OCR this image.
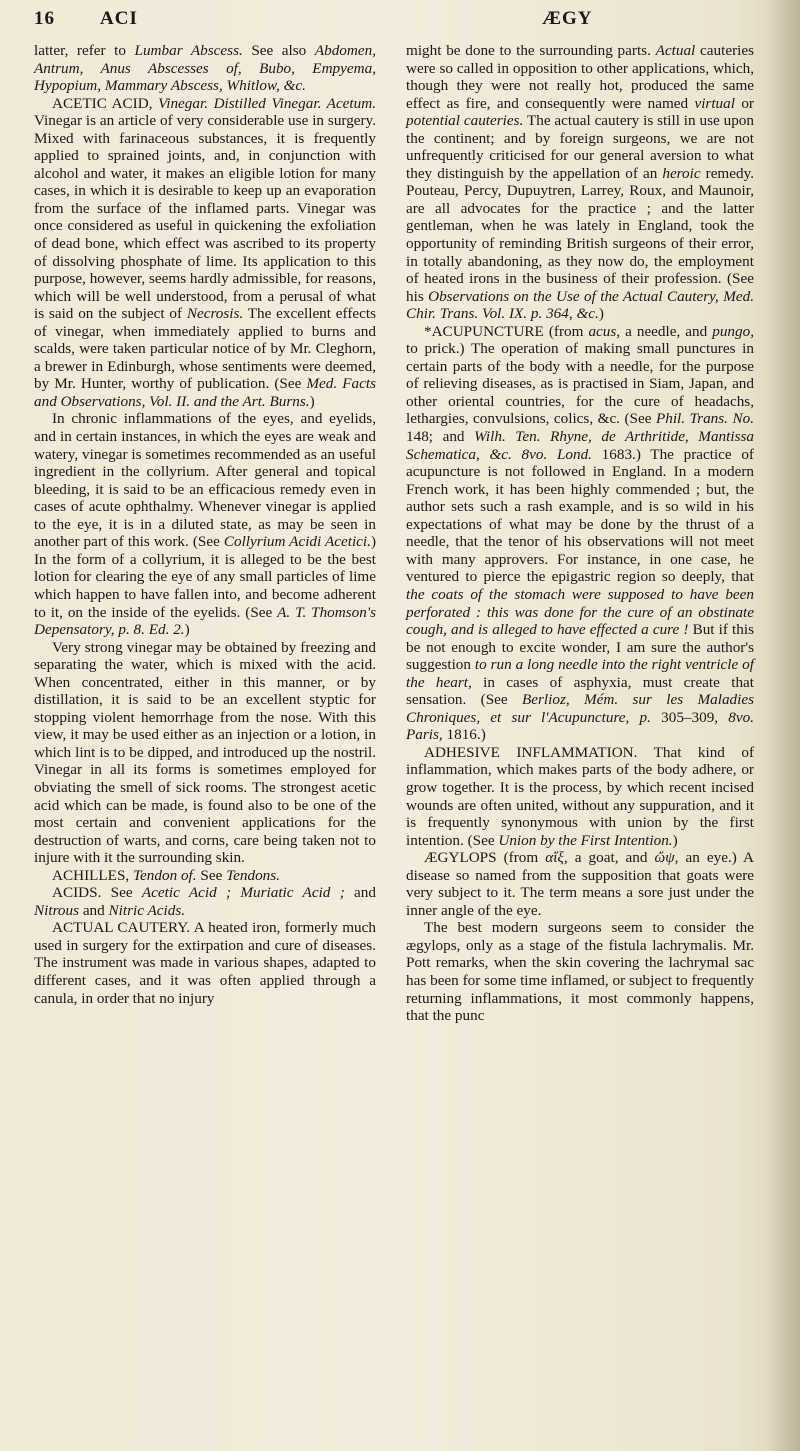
16 ACI	ÆGY

latter, refer to Lumbar Abscess. See also Abdomen, Antrum, Anus Abscesses of, Bubo, Empyema, Hypopium, Mammary Abscess, Whitlow, &c.

ACETIC ACID, Vinegar. Distilled Vinegar. Acetum. Vinegar is an article of very considerable use in surgery. Mixed with farinaceous substances, it is frequently applied to sprained joints, and, in conjunction with alcohol and water, it makes an eligible lotion for many cases, in which it is desirable to keep up an evaporation from the surface of the inflamed parts. Vinegar was once considered as useful in quickening the exfoliation of dead bone, which effect was ascribed to its property of dissolving phosphate of lime. Its application to this purpose, however, seems hardly admissible, for reasons, which will be well understood, from a perusal of what is said on the subject of Necrosis. The excellent effects of vinegar, when immediately applied to burns and scalds, were taken particular notice of by Mr. Cleghorn, a brewer in Edinburgh, whose sentiments were deemed, by Mr. Hunter, worthy of publication. (See Med. Facts and Observations, Vol. II. and the Art. Burns.)

In chronic inflammations of the eyes, and eyelids, and in certain instances, in which the eyes are weak and watery, vinegar is sometimes recommended as an useful ingredient in the collyrium. After general and topical bleeding, it is said to be an efficacious remedy even in cases of acute ophthalmy. Whenever vinegar is applied to the eye, it is in a diluted state, as may be seen in another part of this work. (See Collyrium Acidi Acetici.) In the form of a collyrium, it is alleged to be the best lotion for clearing the eye of any small particles of lime which happen to have fallen into, and become adherent to it, on the inside of the eyelids. (See A. T. Thomson's Depensatory, p. 8. Ed. 2.)

Very strong vinegar may be obtained by freezing and separating the water, which is mixed with the acid. When concentrated, either in this manner, or by distillation, it is said to be an excellent styptic for stopping violent hemorrhage from the nose. With this view, it may be used either as an injection or a lotion, in which lint is to be dipped, and introduced up the nostril. Vinegar in all its forms is sometimes employed for obviating the smell of sick rooms. The strongest acetic acid which can be made, is found also to be one of the most certain and convenient applications for the destruction of warts, and corns, care being taken not to injure with it the surrounding skin.

ACHILLES, Tendon of. See Tendons.

ACIDS. See Acetic Acid ; Muriatic Acid ; and Nitrous and Nitric Acids.

ACTUAL CAUTERY. A heated iron, formerly much used in surgery for the extirpation and cure of diseases. The instrument was made in various shapes, adapted to different cases, and it was often applied through a canula, in order that no injury

might be done to the surrounding parts. Actual cauteries were so called in opposition to other applications, which, though they were not really hot, produced the same effect as fire, and consequently were named virtual or potential cauteries. The actual cautery is still in use upon the continent; and by foreign surgeons, we are not unfrequently criticised for our general aversion to what they distinguish by the appellation of an heroic remedy. Pouteau, Percy, Dupuytren, Larrey, Roux, and Maunoir, are all advocates for the practice ; and the latter gentleman, when he was lately in England, took the opportunity of reminding British surgeons of their error, in totally abandoning, as they now do, the employment of heated irons in the business of their profession. (See his Observations on the Use of the Actual Cautery, Med. Chir. Trans. Vol. IX. p. 364, &c.)

*ACUPUNCTURE (from acus, a needle, and pungo, to prick.) The operation of making small punctures in certain parts of the body with a needle, for the purpose of relieving diseases, as is practised in Siam, Japan, and other oriental countries, for the cure of headachs, lethargies, convulsions, colics, &c. (See Phil. Trans. No. 148; and Wilh. Ten. Rhyne, de Arthritide, Mantissa Schematica, &c. 8vo. Lond. 1683.) The practice of acupuncture is not followed in England. In a modern French work, it has been highly commended ; but, the author sets such a rash example, and is so wild in his expectations of what may be done by the thrust of a needle, that the tenor of his observations will not meet with many approvers. For instance, in one case, he ventured to pierce the epigastric region so deeply, that the coats of the stomach were supposed to have been perforated : this was done for the cure of an obstinate cough, and is alleged to have effected a cure ! But if this be not enough to excite wonder, I am sure the author's suggestion to run a long needle into the right ventricle of the heart, in cases of asphyxia, must create that sensation. (See Berlioz, Mém. sur les Maladies Chroniques, et sur l'Acupuncture, p. 305–309, 8vo. Paris, 1816.)

ADHESIVE INFLAMMATION. That kind of inflammation, which makes parts of the body adhere, or grow together. It is the process, by which recent incised wounds are often united, without any suppuration, and it is frequently synonymous with union by the first intention. (See Union by the First Intention.)

ÆGYLOPS (from αἴξ, a goat, and ὤψ, an eye.) A disease so named from the supposition that goats were very subject to it. The term means a sore just under the inner angle of the eye.

The best modern surgeons seem to consider the ægylops, only as a stage of the fistula lachrymalis. Mr. Pott remarks, when the skin covering the lachrymal sac has been for some time inflamed, or subject to frequently returning inflammations, it most commonly happens, that the punc
